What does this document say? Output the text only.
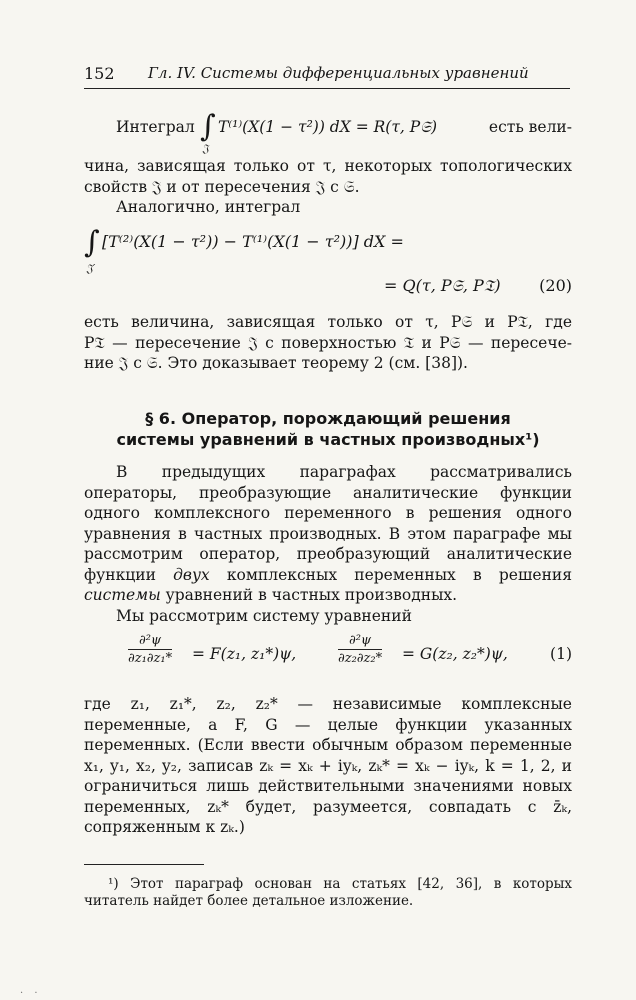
152 Гл. IV. Системы дифференциальных уравнений
Интеграл ∫
𝔍
T⁽¹⁾(X(1 − τ²)) dX = R(τ, P𝔖)	есть вели-

чина, зависящая только от τ, некоторых топологических

свойств 𝔍 и от пересечения 𝔍 с 𝔖.

Аналогично, интеграл

∫
𝔍′
[T⁽²⁾(X(1 − τ²)) − T⁽¹⁾(X(1 − τ²))] dX =
= Q(τ, P𝔖, P𝔗) (20)

есть величина, зависящая только от τ, P𝔖 и P𝔗, где

P𝔗 — пересечение 𝔍 с поверхностью 𝔗 и P𝔖 — пересече-

ние 𝔍 с 𝔖. Это доказывает теорему 2 (см. [38]).

§ 6. Оператор, порождающий решения
системы уравнений в частных производных¹)

В предыдущих параграфах рассматривались операторы, преобразующие аналитические функции одного комплексного переменного в решения одного уравнения в частных производных. В этом параграфе мы рассмотрим оператор, преобразующий аналитические функции двух комплексных переменных в решения системы уравнений в частных производных.

Мы рассмотрим систему уравнений

$\frac{\text{∂²ψ}}{\text{∂z₁∂z₁*}} = F(z_1$, z₁*)ψ,	$\frac{\text{∂²ψ}}{\text{∂z₂∂z₂*}} = G(z_2$, z₂*)ψ,	(1)

где z₁, z₁*, z₂, z₂* — независимые комплексные переменные, а F, G — целые функции указанных переменных. (Если ввести обычным образом переменные x₁, y₁, x₂, y₂, записав zₖ = xₖ + iyₖ, zₖ* = xₖ − iyₖ, k = 1, 2, и ограничиться лишь действительными значениями новых переменных, zₖ* будет, разумеется, совпадать с z̄ₖ, сопряженным к zₖ.)

¹) Этот параграф основан на статьях [42, 36], в которых читатель найдет более детальное изложение.

· ·
